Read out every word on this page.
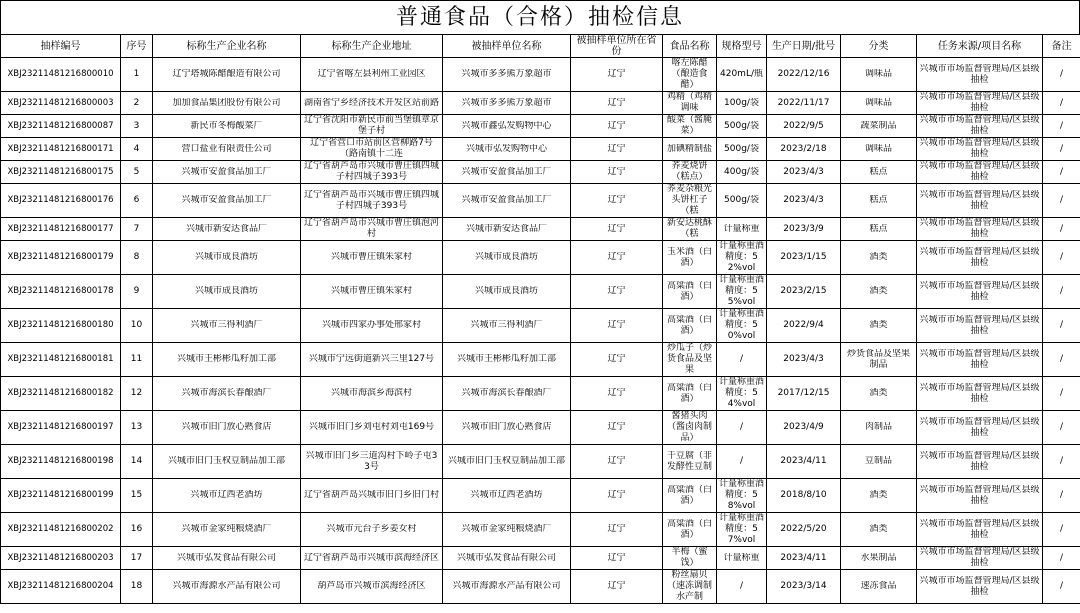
普通食品（合格）抽检信息
抽样编号	序号	标称生产企业名称	标称生产企业地址	被抽样单位名称	被抽样单位所在省份	食品名称	规格型号	生产日期/批号	分类	任务来源/项目名称	备注

XBJ23211481216800010	1	辽宁塔城陈醋酿造有限公司	辽宁省喀左县利州工业园区	兴城市多多熊万象超市	辽宁	喀左陈醋（酿造食醋）	420mL/瓶	2022/12/16	调味品	兴城市市场监督管理局/区县级抽检	/

XBJ23211481216800003	2	加加食品集团股份有限公司	湖南省宁乡经济技术开发区站前路	兴城市多多熊万象超市	辽宁	鸡精（鸡精调味	100g/袋	2022/11/17	调味品	兴城市市场监督管理局/区县级抽检	/

XBJ23211481216800087	3	新民市冬梅酸菜厂	辽宁省沈阳市新民市前当堡镇章京堡子村	兴城市鑫弘发购物中心	辽宁	酸菜（酱腌菜）	500g/袋	2022/9/5	蔬菜制品	兴城市市场监督管理局/区县级抽检	/

XBJ23211481216800171	4	营口盐业有限责任公司	辽宁省营口市站前区营柳路7号（路南镇十二连	兴城市弘发购物中心	辽宁	加碘精制盐	500g/袋	2023/2/18	调味品	兴城市市场监督管理局/区县级抽检	/

XBJ23211481216800175	5	兴城市安盈食品加工厂	辽宁省葫芦岛市兴城市曹庄镇四城子村四城子393号	兴城市安盈食品加工厂	辽宁	荞麦烧饼（糕点）	400g/袋	2023/4/3	糕点	兴城市市场监督管理局/区县级抽检	/

XBJ23211481216800176	6	兴城市安盈食品加工厂	辽宁省葫芦岛市兴城市曹庄镇四城子村四城子393号	兴城市安盈食品加工厂	辽宁	荞麦杂粮光头饼杠子（糕	500g/袋	2023/4/3	糕点	兴城市市场监督管理局/区县级抽检	/

XBJ23211481216800177	7	兴城市新安达食品厂	辽宁省葫芦岛市兴城市曹庄镇泡河村	兴城市新安达食品厂	辽宁	新安达桃酥（糕	计量称重	2023/3/9	糕点	兴城市市场监督管理局/区县级抽检	/

XBJ23211481216800179	8	兴城市成良酒坊	兴城市曹庄镇朱家村	兴城市成良酒坊	辽宁	玉米酒（白酒）	计量称重酒精度：52%vol	2023/1/15	酒类	兴城市市场监督管理局/区县级抽检	/

XBJ23211481216800178	9	兴城市成良酒坊	兴城市曹庄镇朱家村	兴城市成良酒坊	辽宁	高粱酒（白酒）	计量称重酒精度：55%vol	2023/2/15	酒类	兴城市市场监督管理局/区县级抽检	/

XBJ23211481216800180	10	兴城市三得利酒厂	兴城市四家办事处邢家村	兴城市三得利酒厂	辽宁	高粱酒（白酒）	计量称重酒精度：50%vol	2022/9/4	酒类	兴城市市场监督管理局/区县级抽检	/

XBJ23211481216800181	11	兴城市王彬彬瓜籽加工部	兴城市宁远街道新兴三里127号	兴城市王彬彬瓜籽加工部	辽宁	炒瓜子（炒货食品及坚果	/	2023/4/3	炒货食品及坚果制品	兴城市市场监督管理局/区县级抽检	/

XBJ23211481216800182	12	兴城市海滨长春酿酒厂	兴城市海滨乡海滨村	兴城市海滨长春酿酒厂	辽宁	高粱酒（白酒）	计量称重酒精度：54%vol	2017/12/15	酒类	兴城市市场监督管理局/区县级抽检	/

XBJ23211481216800197	13	兴城市旧门放心熟食店	兴城市旧门乡刘屯村刘屯169号	兴城市旧门放心熟食店	辽宁	酱猪头肉（酱卤肉制品）	/	2023/4/9	肉制品	兴城市市场监督管理局/区县级抽检	/

XBJ23211481216800198	14	兴城市旧门玉权豆制品加工部	兴城市旧门乡三道沟村下岭子屯33号	兴城市旧门玉权豆制品加工部	辽宁	干豆腐（非发酵性豆制	/	2023/4/11	豆制品	兴城市市场监督管理局/区县级抽检	/

XBJ23211481216800199	15	兴城市辽西老酒坊	辽宁省葫芦岛兴城市旧门乡旧门村	兴城市辽西老酒坊	辽宁	高粱酒（白酒）	计量称重酒精度：58%vol	2018/8/10	酒类	兴城市市场监督管理局/区县级抽检	/

XBJ23211481216800202	16	兴城市金家纯粮烧酒厂	兴城市元台子乡姜女村	兴城市金家纯粮烧酒厂	辽宁	高粱酒（白酒）	计量称重酒精度：57%vol	2022/5/20	酒类	兴城市市场监督管理局/区县级抽检	/

XBJ23211481216800203	17	兴城市弘发食品有限公司	辽宁省葫芦岛市兴城市滨海经济区	兴城市弘发食品有限公司	辽宁	半梅（蜜饯）	计量称重	2023/4/11	水果制品	兴城市市场监督管理局/区县级抽检	/

XBJ23211481216800204	18	兴城市海源水产品有限公司	葫芦岛市兴城市滨海经济区	兴城市海源水产品有限公司	辽宁	粉丝扇贝（速冻调制水产制	/	2023/3/14	速冻食品	兴城市市场监督管理局/区县级抽检	/
